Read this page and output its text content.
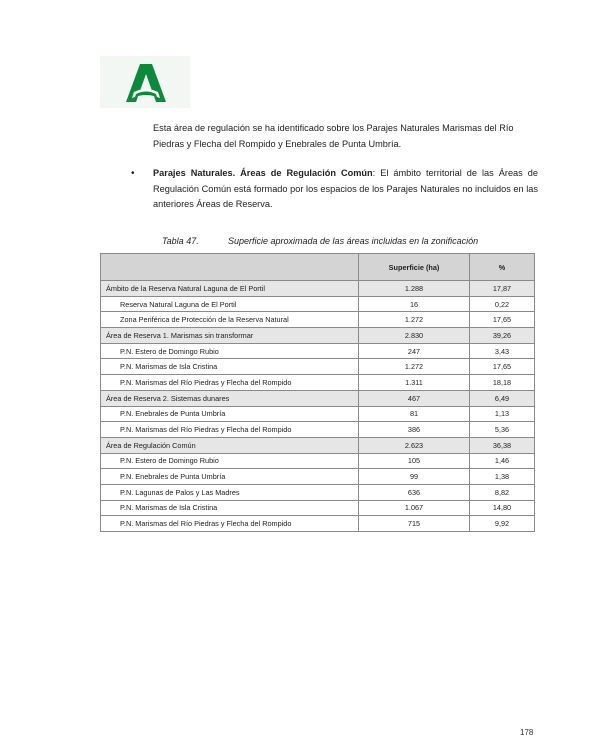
Esta área de regulación se ha identificado sobre los Parajes Naturales Marismas del Río Piedras y Flecha del Rompido y Enebrales de Punta Umbría.
• Parajes Naturales. Áreas de Regulación Común: El ámbito territorial de las Áreas de Regulación Común está formado por los espacios de los Parajes Naturales no incluidos en las anteriores Áreas de Reserva.
Tabla 47.	Superficie aproximada de las áreas incluidas en la zonificación
	Superficie (ha)	%
Ámbito de la Reserva Natural Laguna de El Portil	1.288	17,87
Reserva Natural Laguna de El Portil	16	0,22
Zona Periférica de Protección de la Reserva Natural	1.272	17,65
Área de Reserva 1. Marismas sin transformar	2.830	39,26
P.N. Estero de Domingo Rubio	247	3,43
P.N. Marismas de Isla Cristina	1.272	17,65
P.N. Marismas del Río Piedras y Flecha del Rompido	1.311	18,18
Área de Reserva 2. Sistemas dunares	467	6,49
P.N. Enebrales de Punta Umbría	81	1,13
P.N. Marismas del Río Piedras y Flecha del Rompido	386	5,36
Área de Regulación Común	2.623	36,38
P.N. Estero de Domingo Rubio	105	1,46
P.N. Enebrales de Punta Umbría	99	1,38
P.N. Lagunas de Palos y Las Madres	636	8,82
P.N. Marismas de Isla Cristina	1.067	14,80
P.N. Marismas del Río Piedras y Flecha del Rompido	715	9,92
178
